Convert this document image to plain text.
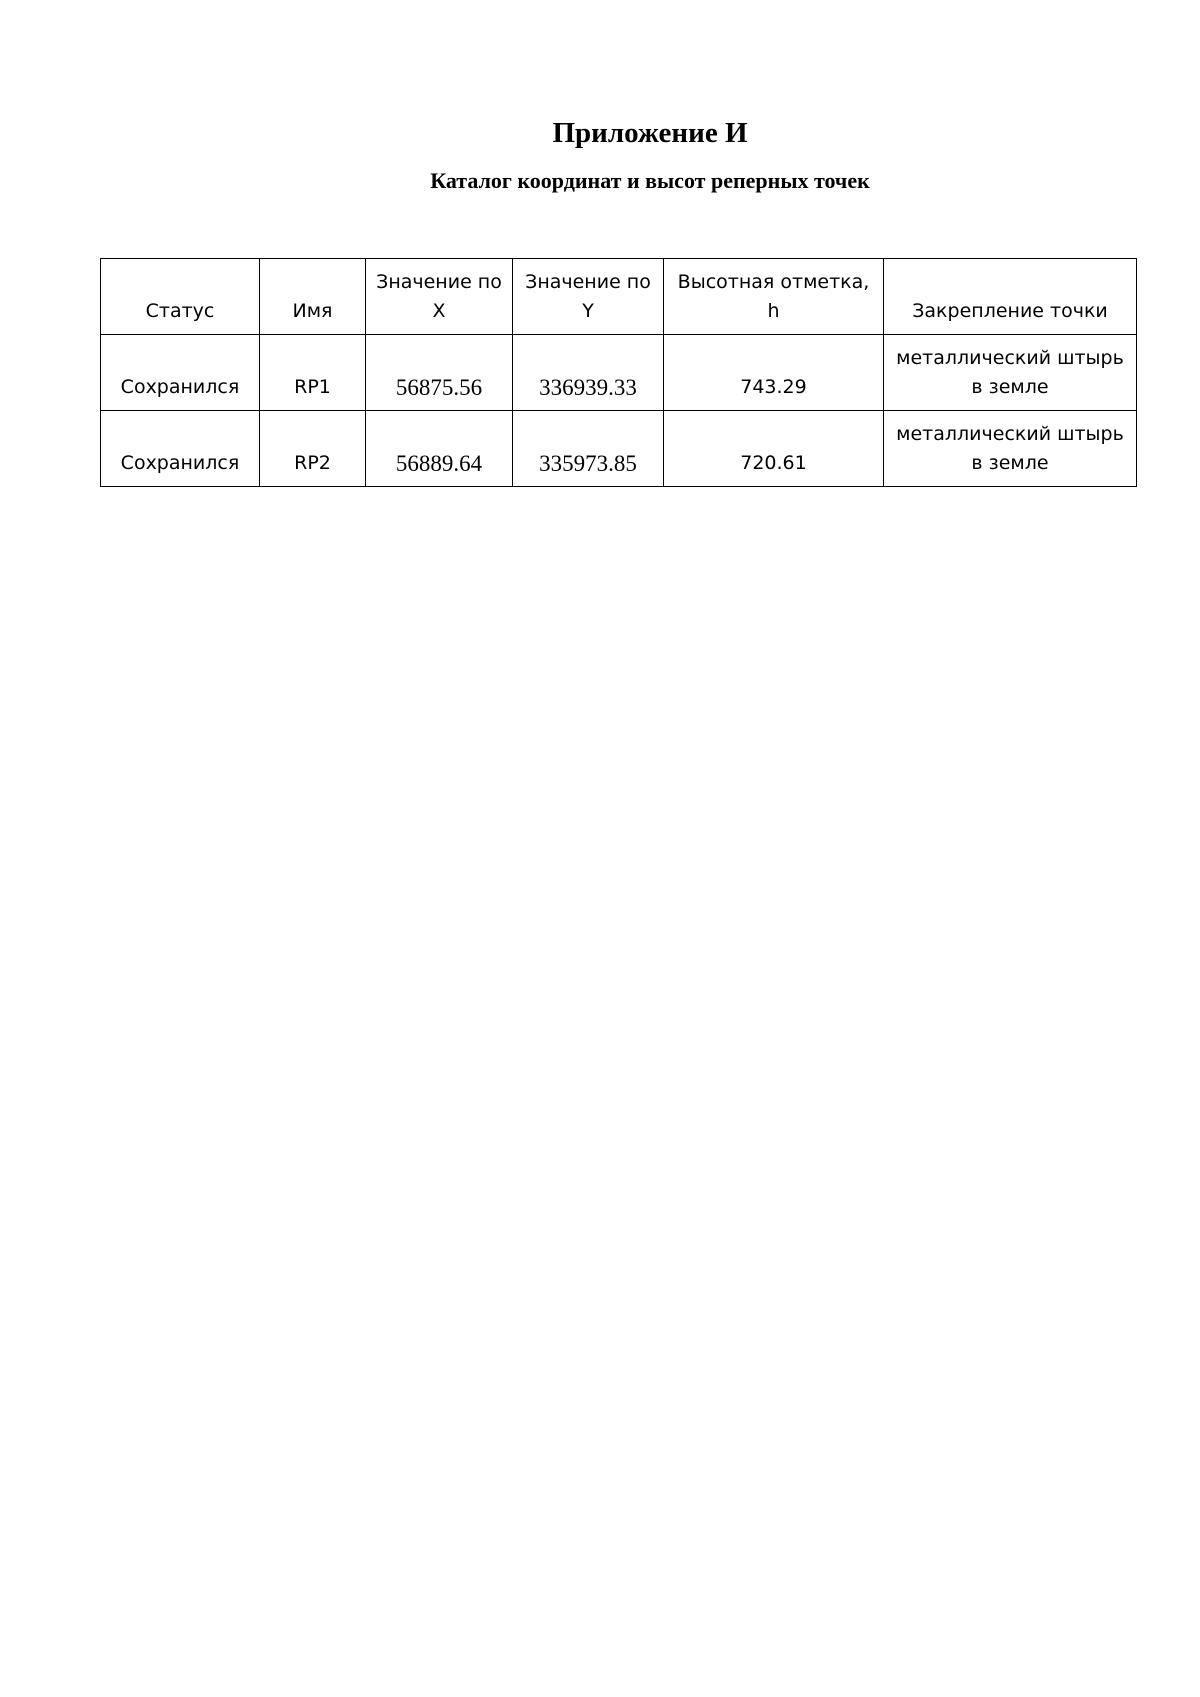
Приложение И
Каталог координат и высот реперных точек
Статус	Имя	Значение по X	Значение по Y	Высотная отметка, h	Закрепление точки
Сохранился	RP1	56875.56	336939.33	743.29	металлический штырь в земле
Сохранился	RP2	56889.64	335973.85	720.61	металлический штырь в земле
